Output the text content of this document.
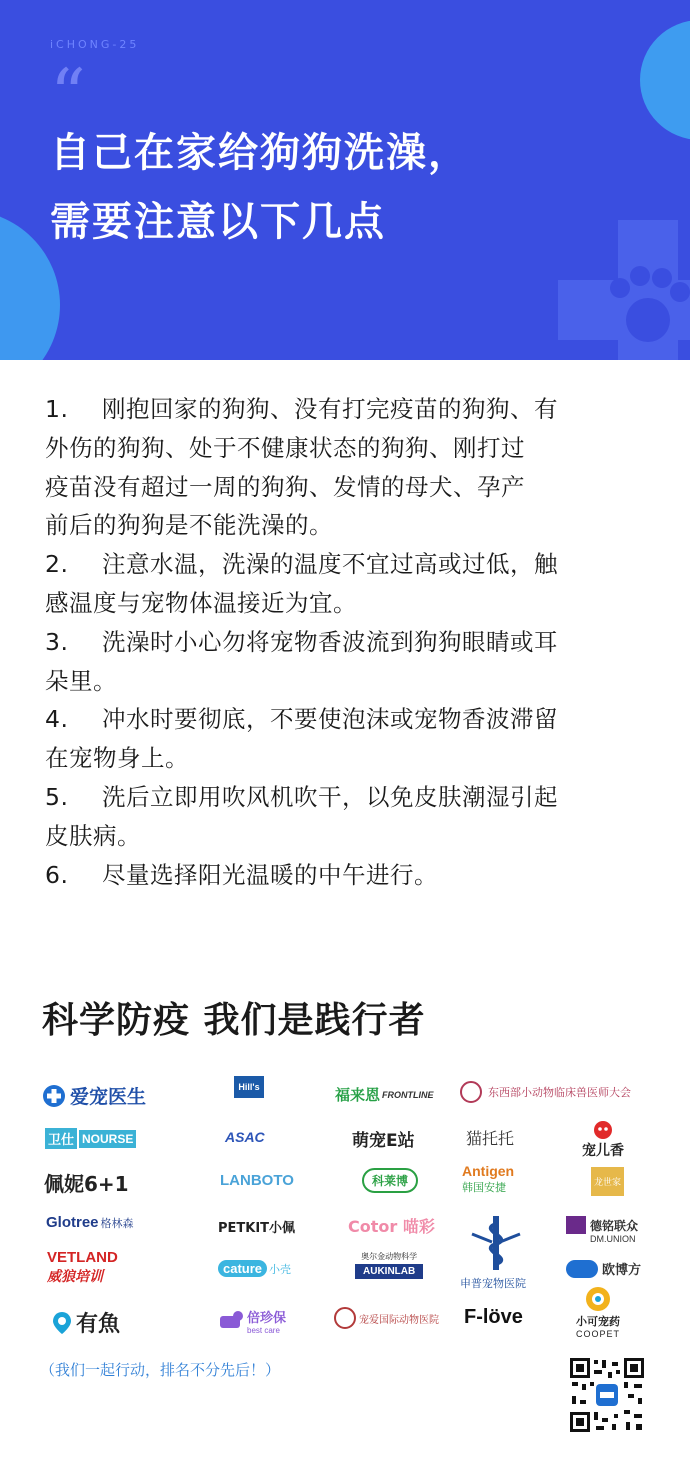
iCHONG-25
“
自己在家给狗狗洗澡，
需要注意以下几点
1. 刚抱回家的狗狗、没有打完疫苗的狗狗、有
外伤的狗狗、处于不健康状态的狗狗、刚打过
疫苗没有超过一周的狗狗、发情的母犬、孕产
前后的狗狗是不能洗澡的。
2. 注意水温，洗澡的温度不宜过高或过低，触
感温度与宠物体温接近为宜。
3. 洗澡时小心勿将宠物香波流到狗狗眼睛或耳
朵里。
4. 冲水时要彻底，不要使泡沫或宠物香波滞留
在宠物身上。
5. 洗后立即用吹风机吹干，以免皮肤潮湿引起
皮肤病。
6. 尽量选择阳光温暖的中午进行。
科学防疫 我们是践行者
爱宠医生	Hill's	福来恩 FRONTLINE	东西部小动物临床兽医师大会
卫仕 NOURSE	ASAC	萌宠E站	猫托托
宠儿香
佩妮6+1	LANBOTO	科莱博
Antigen
韩国安捷	龙世家
Glotree 格林森	PETKIT小佩	Cotor 喵彩	德铭联众
DM.UNION
VETLAND
威狼培训
cature 小壳
奥尔金动物科学
AUKINLAB
申普宠物医院
欧博方
有魚	倍珍保
best care
宠爱国际动物医院 F-löve	小可宠药
COOPET
（我们一起行动，排名不分先后！）
